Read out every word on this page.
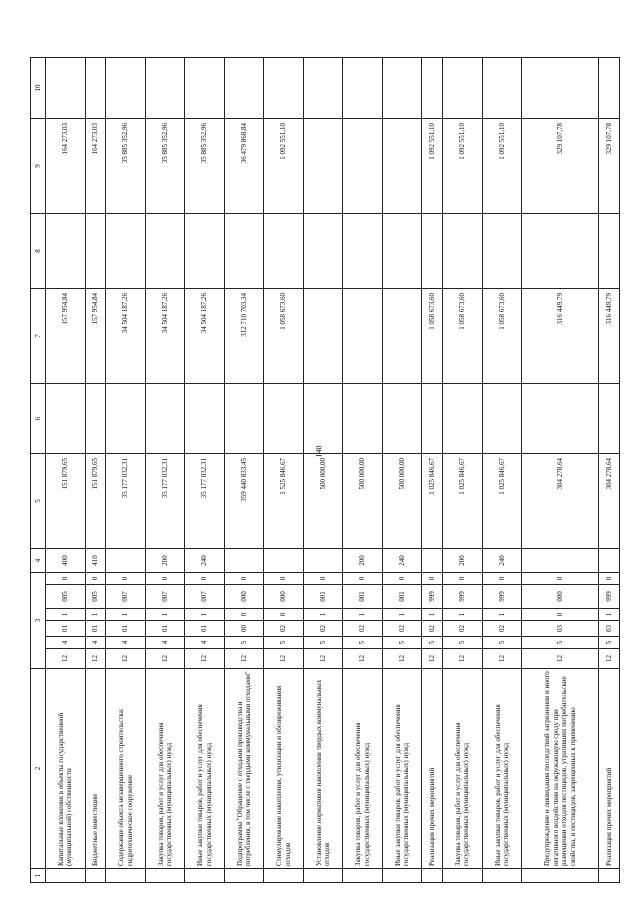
140
…
1	2	3						4	5	6	7	8	9	10
	Капитальные вложения в объекты государственной (муниципальной) собственности	12	4	01	1	005	0	400	151 879,65		157 954,84		164 273,03	
	Бюджетные инвестиции	12	4	01	1	005	0	410	151 879,65		157 954,84		164 273,03	
	Содержание объекта незавершенного строительства: гидротехническое сооружение	12	4	01	1	007	0		35 177 032,31		34 504 187,26		35 885 352,96	
	Закупка товаров, работ и услуг для обеспечения государственных (муниципальных) нужд	12	4	01	1	007	0	200	35 177 032,31		34 504 187,26		35 885 352,96	
	Иные закупки товаров, работ и услуг для обеспечения государственных (муниципальных) нужд	12	4	01	1	007	0	240	35 177 032,31		34 504 187,26		35 885 352,96	
	Подпрограмма "Обращение с отходами производства и потребления, в том числе с твердыми коммунальными отходами"	12	5	00	0	000	0		359 440 833,45		312 710 703,34		36 479 868,84	
	Стимулирование накопления, утилизации и обезвреживания отходов	12	5	02	0	000	0		1 525 846,67		1 058 673,60		1 092 551,10	
	Установление нормативов накопления твердых коммунальных отходов	12	5	02	1	001	0		500 000,00					
	Закупка товаров, работ и услуг для обеспечения государственных (муниципальных) нужд	12	5	02	1	001	0	200	500 000,00					
	Иные закупки товаров, работ и услуг для обеспечения государственных (муниципальных) нужд	12	5	02	1	001	0	240	500 000,00					
	Реализация прочих мероприятий	12	5	02	1	999	0		1 025 846,67		1 058 673,60		1 092 551,10	
	Закупка товаров, работ и услуг для обеспечения государственных (муниципальных) нужд	12	5	02	1	999	0	200	1 025 846,67		1 058 673,60		1 092 551,10	
	Иные закупки товаров, работ и услуг для обеспечения государственных (муниципальных) нужд	12	5	02	1	999	0	240	1 025 846,67		1 058 673,60		1 092 551,10	
	Предупреждение и ликвидация последствий загрязнения и иного негативного воздействия на окружающую среду при размещении отходов пестицидов, утративших потребительские свойства, и пестицидов, запрещенных к применению	12	5	03	0	000	0		304 278,64		316 449,79		329 107,78	
	Реализация прочих мероприятий	12	5	03	1	999	0		304 278,64		316 449,79		329 107,78	
